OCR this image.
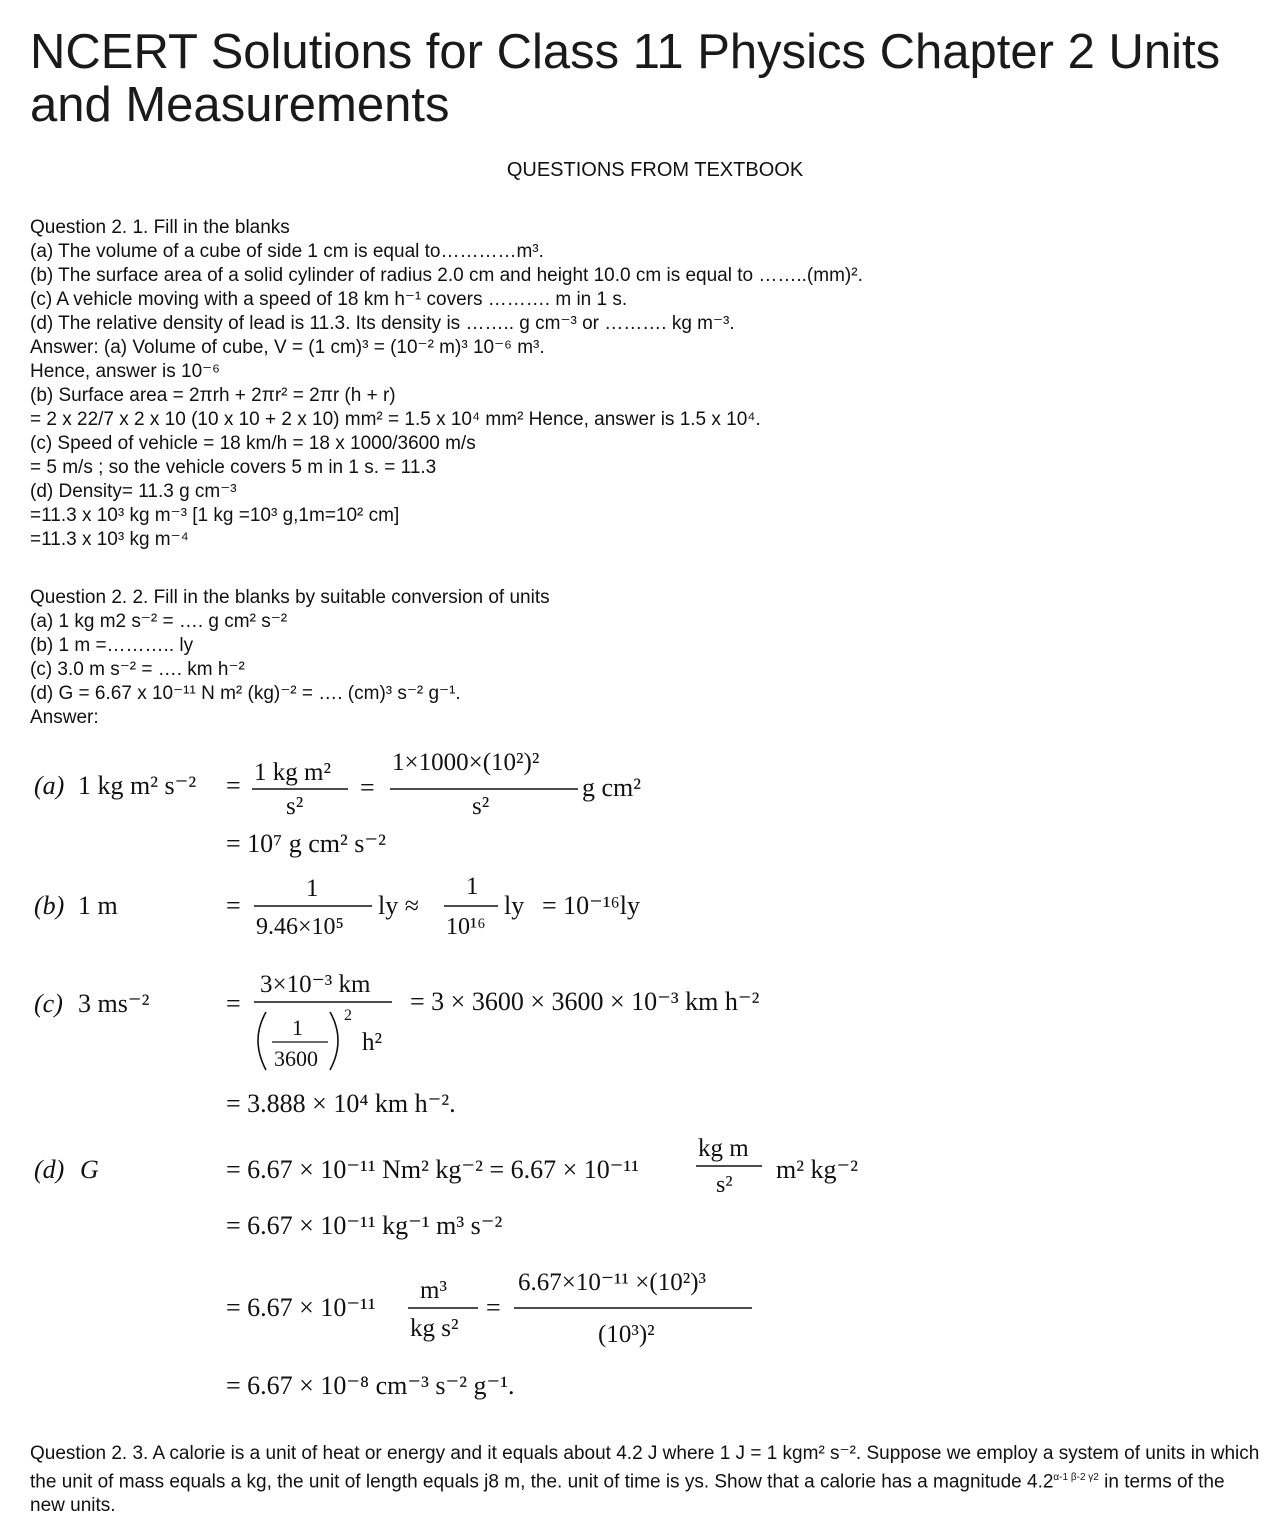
NCERT Solutions for Class 11 Physics Chapter 2 Units and Measurements
QUESTIONS FROM TEXTBOOK
Question 2. 1. Fill in the blanks
(a) The volume of a cube of side 1 cm is equal to…………m³.
(b) The surface area of a solid cylinder of radius 2.0 cm and height 10.0 cm is equal to ……..(mm)².
(c) A vehicle moving with a speed of 18 km h⁻¹ covers ………. m in 1 s.
(d) The relative density of lead is 11.3. Its density is …….. g cm⁻³ or ………. kg m⁻³.
Answer: (a) Volume of cube, V = (1 cm)³ = (10⁻² m)³ 10⁻⁶ m³.
Hence, answer is 10⁻⁶
(b) Surface area = 2πrh + 2πr² = 2πr (h + r)
= 2 x 22/7 x 2 x 10 (10 x 10 + 2 x 10) mm² = 1.5 x 10⁴ mm² Hence, answer is 1.5 x 10⁴.
(c) Speed of vehicle = 18 km/h = 18 x 1000/3600 m/s
= 5 m/s ; so the vehicle covers 5 m in 1 s. = 11.3
(d) Density= 11.3 g cm⁻³
=11.3 x 10³ kg m⁻³ [1 kg =10³ g,1m=10² cm]
=11.3 x 10³ kg m⁻⁴
Question 2. 2. Fill in the blanks by suitable conversion of units
(a) 1 kg m2 s⁻² = …. g cm² s⁻²
(b) 1 m =……….. ly
(c) 3.0 m s⁻² = …. km h⁻²
(d) G = 6.67 x 10⁻¹¹ N m² (kg)⁻² = …. (cm)³ s⁻² g⁻¹.
Answer:
(a) 1 kg m² s⁻² = 1 kg m²
s²
=
1×1000×(10²)²
s²
g cm²
= 10⁷ g cm² s⁻²
(b) 1 m	=
1
9.46×10⁵
ly ≈
1
10¹⁶
ly = 10⁻¹⁶ly
(c) 3 ms⁻²	=
3×10⁻³ km
1
3600
2
h²
= 3 × 3600 × 3600 × 10⁻³ km h⁻²
= 3.888 × 10⁴ km h⁻².
(d) G	= 6.67 × 10⁻¹¹ Nm² kg⁻² = 6.67 × 10⁻¹¹
kg m
s²
m² kg⁻²
= 6.67 × 10⁻¹¹ kg⁻¹ m³ s⁻²
= 6.67 × 10⁻¹¹
m³
kg s²
=
6.67×10⁻¹¹ ×(10²)³
(10³)²
= 6.67 × 10⁻⁸ cm⁻³ s⁻² g⁻¹.
Question 2. 3. A calorie is a unit of heat or energy and it equals about 4.2 J where 1 J = 1 kgm² s⁻². Suppose we employ a system of units in which the unit of mass equals a kg, the unit of length equals j8 m, the. unit of time is ys. Show that a calorie has a magnitude $4.2^{\alpha-1 \beta-2 \gamma 2}$ in terms of the new units.
